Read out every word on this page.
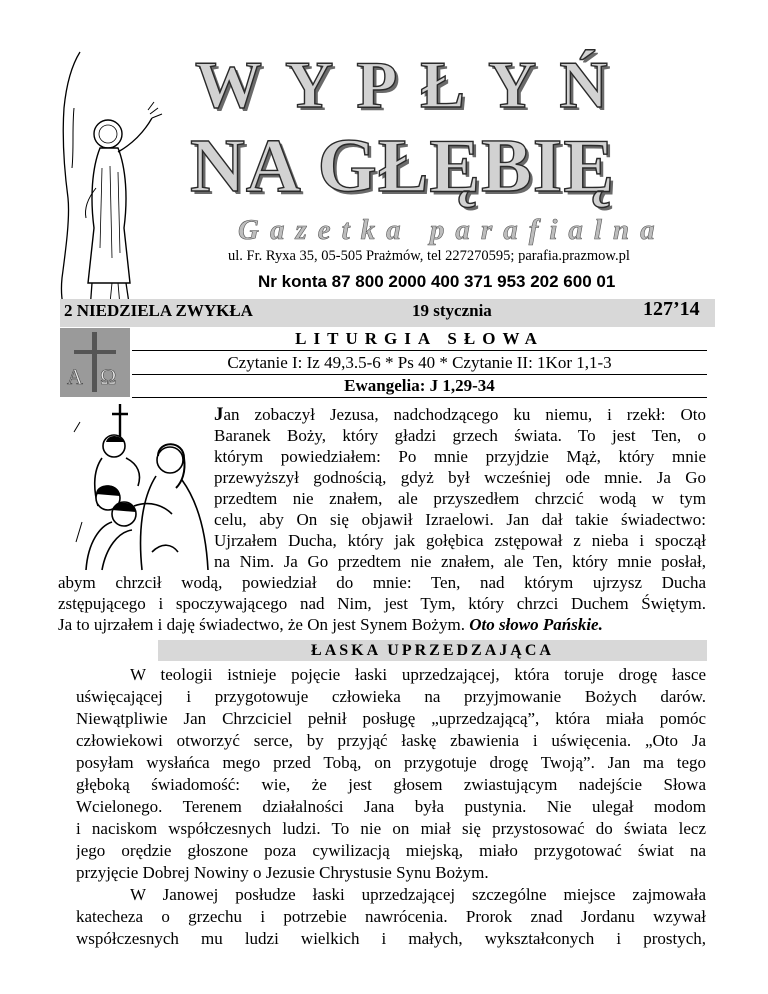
WYPŁYŃ
NA GŁĘBIĘ
Gazetka parafialna
ul. Fr. Ryxa 35, 05-505 Prażmów, tel 227270595; parafia.prazmow.pl
Nr konta 87 800 2000 400 371 953 202 600 01
2 NIEDZIELA ZWYKŁA	19 stycznia	127’14
Α Ω
LITURGIA SŁOWA
Czytanie I: Iz 49,3.5-6 * Ps 40 * Czytanie II: 1Kor 1,1-3
Ewangelia: J 1,29-34
Jan zobaczył Jezusa, nadchodzącego ku niemu, i rzekł: Oto
Baranek Boży, który gładzi grzech świata. To jest Ten, o
którym powiedziałem: Po mnie przyjdzie Mąż, który mnie
przewyższył godnością, gdyż był wcześniej ode mnie. Ja Go
przedtem nie znałem, ale przyszedłem chrzcić wodą w tym
celu, aby On się objawił Izraelowi. Jan dał takie świadectwo:
Ujrzałem Ducha, który jak gołębica zstępował z nieba i spoczął
na Nim. Ja Go przedtem nie znałem, ale Ten, który mnie posłał,
abym chrzcił wodą, powiedział do mnie: Ten, nad którym ujrzysz Ducha
zstępującego i spoczywającego nad Nim, jest Tym, który chrzci Duchem Świętym.
Ja to ujrzałem i daję świadectwo, że On jest Synem Bożym. Oto słowo Pańskie.
ŁASKA UPRZEDZAJĄCA
W teologii istnieje pojęcie łaski uprzedzającej, która toruje drogę łasce
uświęcającej i przygotowuje człowieka na przyjmowanie Bożych darów.
Niewątpliwie Jan Chrzciciel pełnił posługę „uprzedzającą”, która miała pomóc
człowiekowi otworzyć serce, by przyjąć łaskę zbawienia i uświęcenia. „Oto Ja
posyłam wysłańca mego przed Tobą, on przygotuje drogę Twoją”. Jan ma tego
głęboką świadomość: wie, że jest głosem zwiastującym nadejście Słowa
Wcielonego. Terenem działalności Jana była pustynia. Nie ulegał modom
i naciskom współczesnych ludzi. To nie on miał się przystosować do świata lecz
jego orędzie głoszone poza cywilizacją miejską, miało przygotować świat na
przyjęcie Dobrej Nowiny o Jezusie Chrystusie Synu Bożym.
W Janowej posłudze łaski uprzedzającej szczególne miejsce zajmowała
katecheza o grzechu i potrzebie nawrócenia. Prorok znad Jordanu wzywał
współczesnych mu ludzi wielkich i małych, wykształconych i prostych,
